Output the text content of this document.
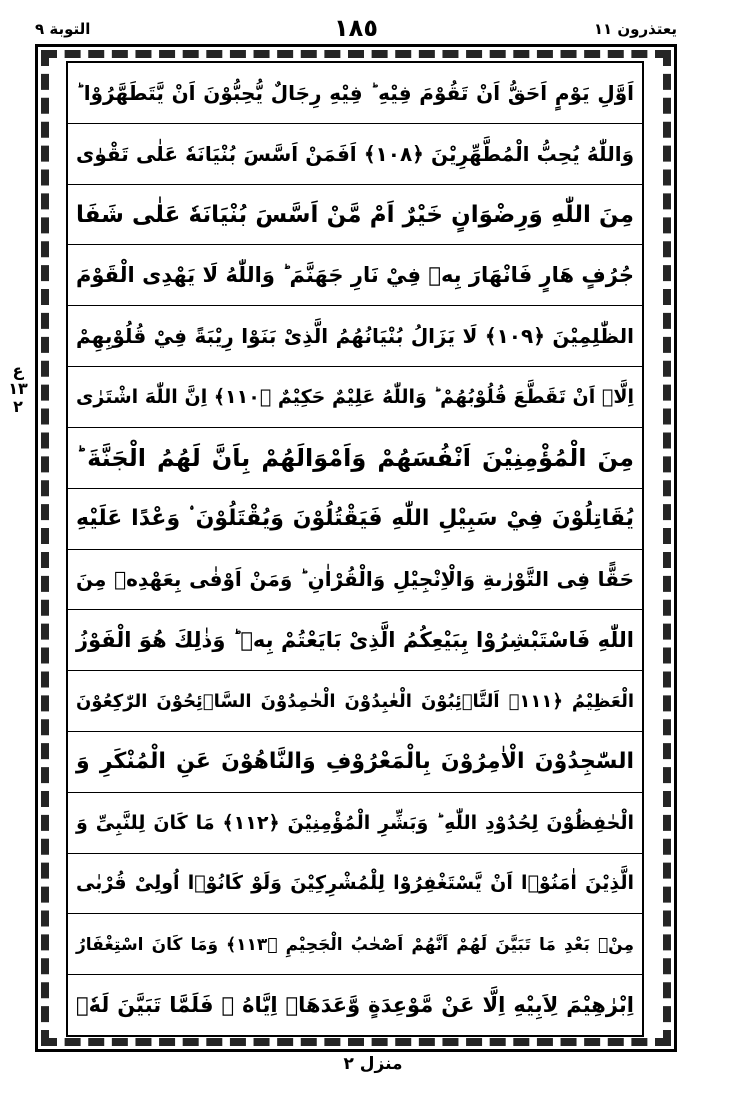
التوبة ٩	١٨٥	يعتذرون ١١
ع ١٣ ٢
اَوَّلِ يَوْمٍ اَحَقُّ اَنْ تَقُوْمَ فِيْهِ ؕ فِيْهِ رِجَالٌ يُّحِبُّوْنَ اَنْ يَّتَطَهَّرُوْا ؕ
وَاللّٰهُ يُحِبُّ الْمُطَّهِّرِيْنَ ﴿١٠٨﴾ اَفَمَنْ اَسَّسَ بُنْيَانَهٗ عَلٰى تَقْوٰى
مِنَ اللّٰهِ وَرِضْوَانٍ خَيْرٌ اَمْ مَّنْ اَسَّسَ بُنْيَانَهٗ عَلٰى شَفَا
جُرُفٍ هَارٍ فَانْهَارَ بِهٖ فِيْ نَارِ جَهَنَّمَ ؕ وَاللّٰهُ لَا يَهْدِى الْقَوْمَ
الظّٰلِمِيْنَ ﴿١٠٩﴾ لَا يَزَالُ بُنْيَانُهُمُ الَّذِىْ بَنَوْا رِيْبَةً فِيْ قُلُوْبِهِمْ
اِلَّاۤ اَنْ تَقَطَّعَ قُلُوْبُهُمْ ؕ وَاللّٰهُ عَلِيْمٌ حَكِيْمٌ ﴿١١٠﴾ اِنَّ اللّٰهَ اشْتَرٰى
مِنَ الْمُؤْمِنِيْنَ اَنْفُسَهُمْ وَاَمْوَالَهُمْ بِاَنَّ لَهُمُ الْجَنَّةَ ؕ
يُقَاتِلُوْنَ فِيْ سَبِيْلِ اللّٰهِ فَيَقْتُلُوْنَ وَيُقْتَلُوْنَ ۟ وَعْدًا عَلَيْهِ
حَقًّا فِى التَّوْرٰٮةِ وَالْاِنْجِيْلِ وَالْقُرْاٰنِ ؕ وَمَنْ اَوْفٰى بِعَهْدِهٖ مِنَ
اللّٰهِ فَاسْتَبْشِرُوْا بِبَيْعِكُمُ الَّذِىْ بَايَعْتُمْ بِهٖ ؕ وَذٰلِكَ هُوَ الْفَوْزُ
الْعَظِيْمُ ﴿١١١﴾ اَلتَّاۤئِبُوْنَ الْعٰبِدُوْنَ الْحٰمِدُوْنَ السَّاۤئِحُوْنَ الرّٰكِعُوْنَ
السّٰجِدُوْنَ الْاٰمِرُوْنَ بِالْمَعْرُوْفِ وَالنَّاهُوْنَ عَنِ الْمُنْكَرِ وَ
الْحٰفِظُوْنَ لِحُدُوْدِ اللّٰهِ ؕ وَبَشِّرِ الْمُؤْمِنِيْنَ ﴿١١٢﴾ مَا كَانَ لِلنَّبِىِّ وَ
الَّذِيْنَ اٰمَنُوْۤا اَنْ يَّسْتَغْفِرُوْا لِلْمُشْرِكِيْنَ وَلَوْ كَانُوْۤا اُولِىْ قُرْبٰى
مِنْۢ بَعْدِ مَا تَبَيَّنَ لَهُمْ اَنَّهُمْ اَصْحٰبُ الْجَحِيْمِ ﴿١١٣﴾ وَمَا كَانَ اسْتِغْفَارُ
اِبْرٰهِيْمَ لِاَبِيْهِ اِلَّا عَنْ مَّوْعِدَةٍ وَّعَدَهَاۤ اِيَّاهُ ۚ فَلَمَّا تَبَيَّنَ لَهٗۤ
منزل ٢
